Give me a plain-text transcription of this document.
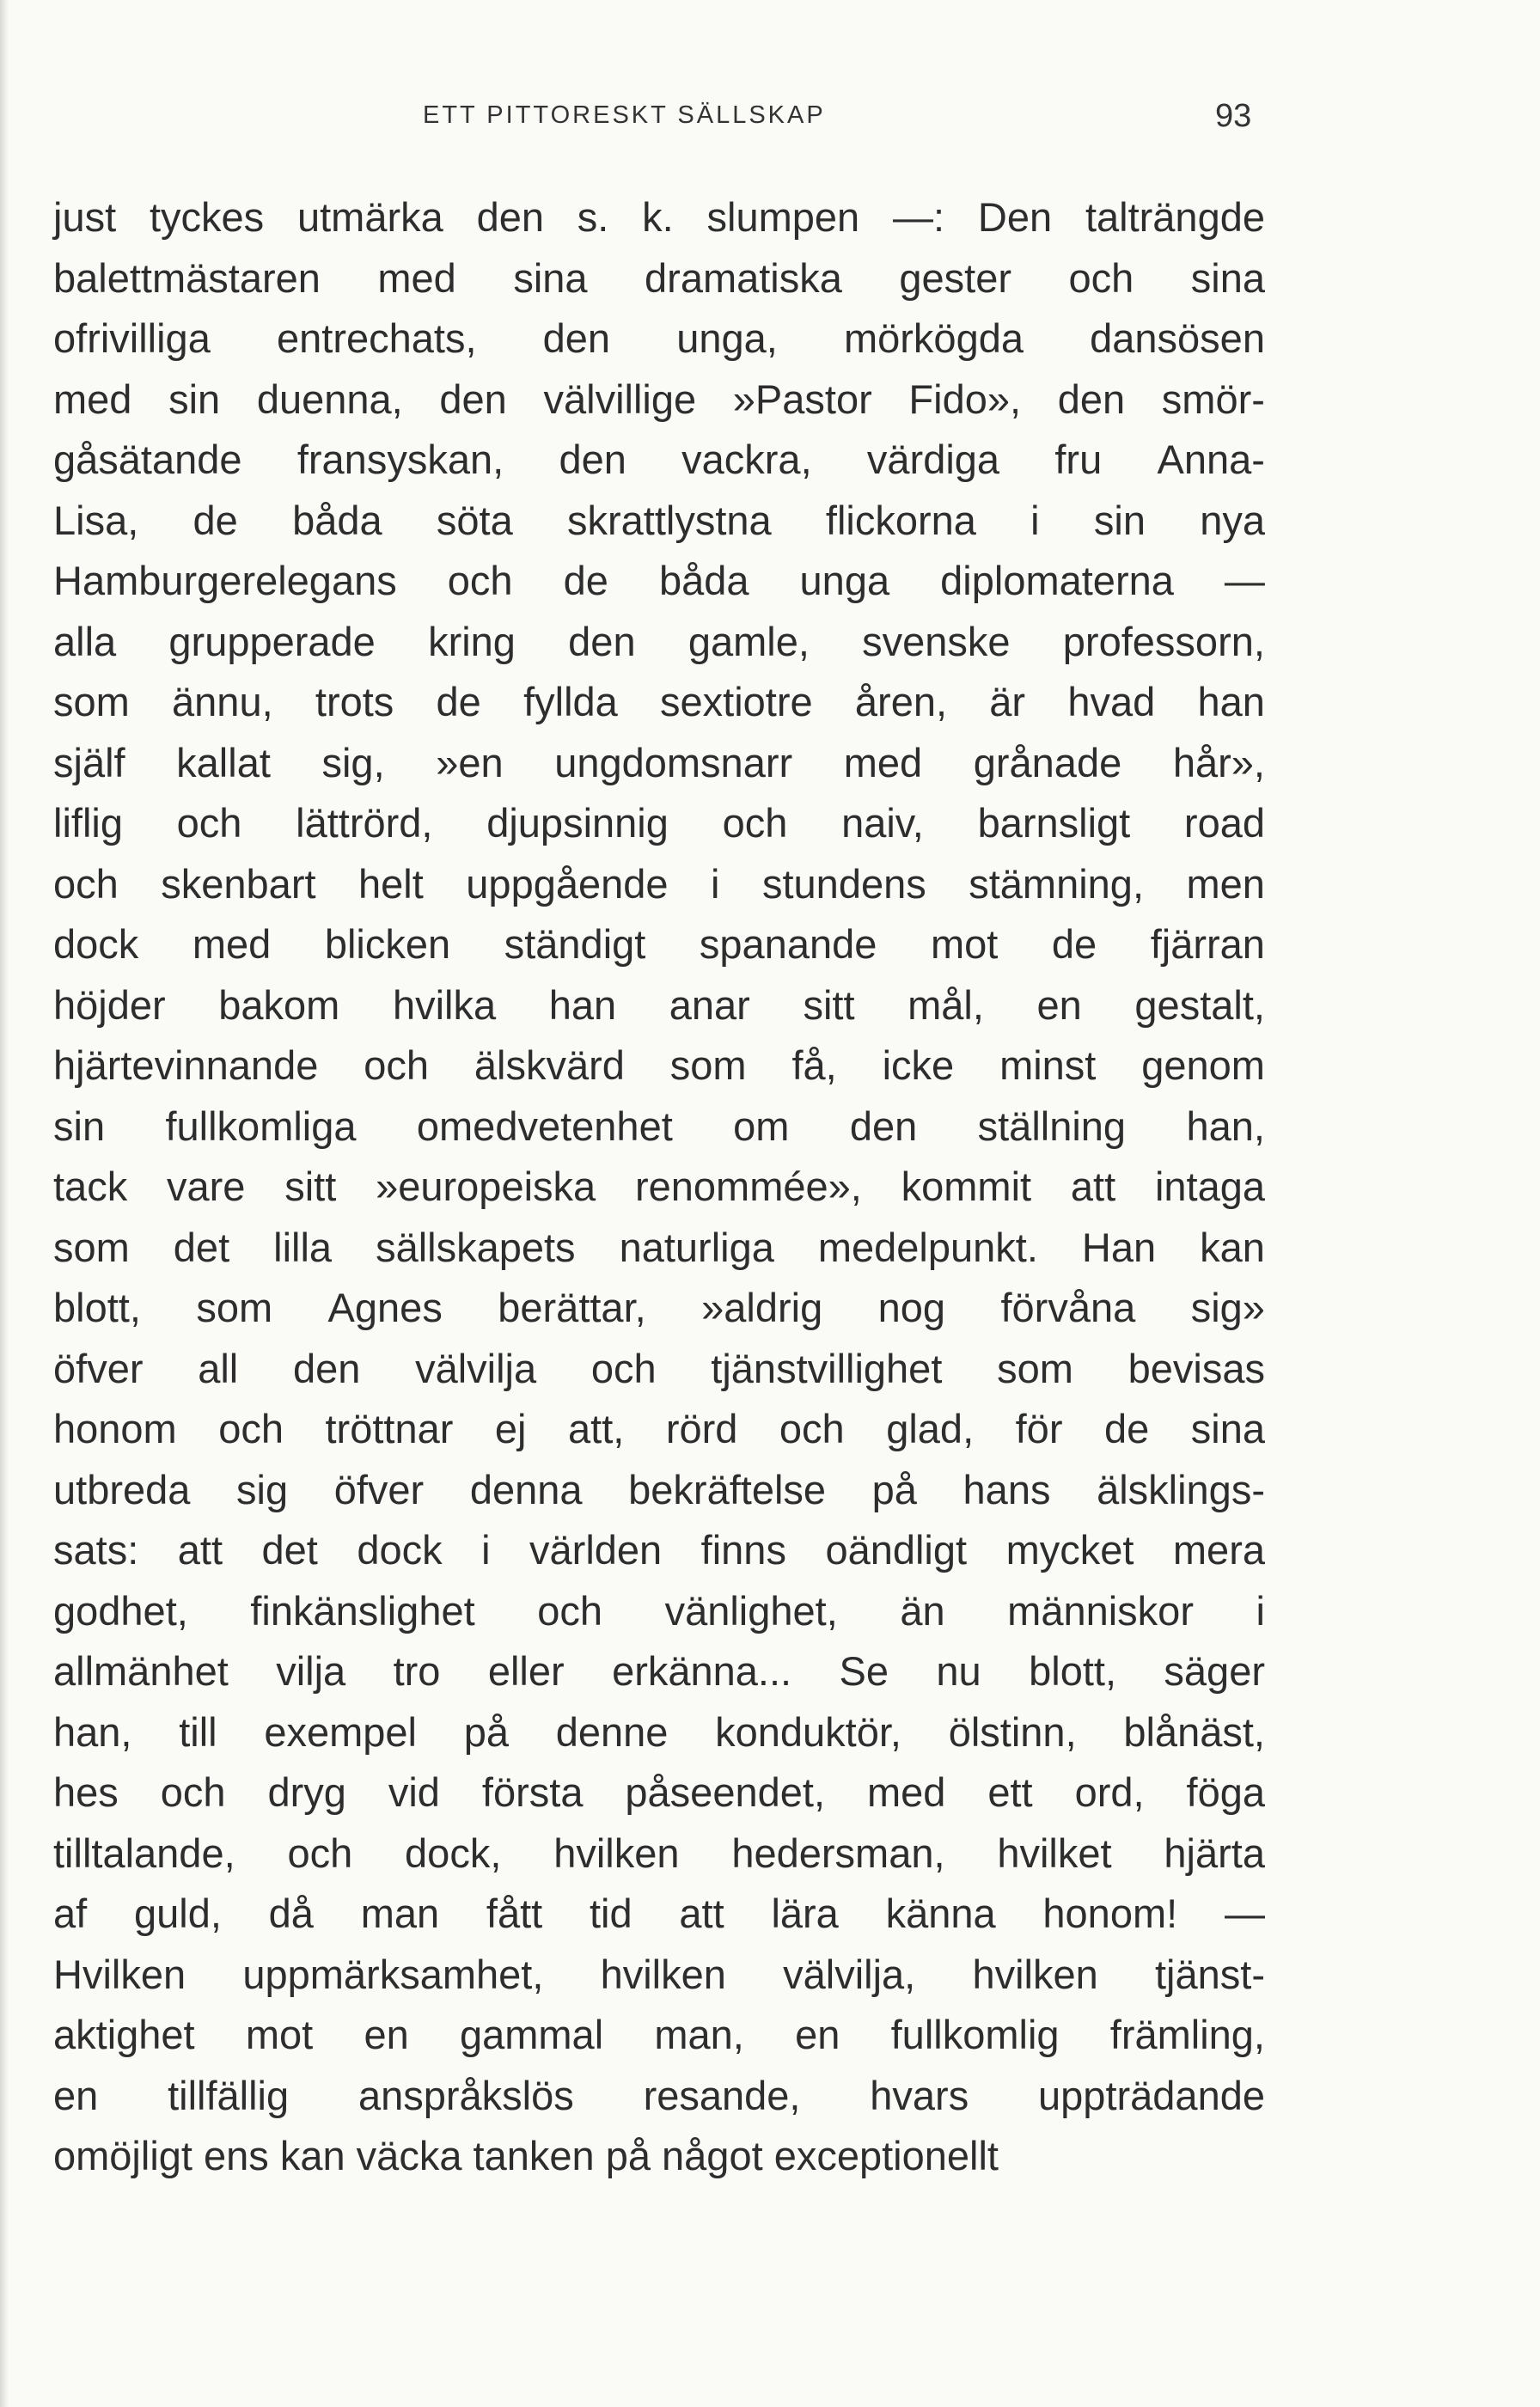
ETT PITTORESKT SÄLLSKAP	93
just tyckes utmärka den s. k. slumpen —: Den talträngde
balettmästaren med sina dramatiska gester och sina
ofrivilliga entrechats, den unga, mörkögda dansösen
med sin duenna, den välvillige »Pastor Fido», den smör-
gåsätande fransyskan, den vackra, värdiga fru Anna-
Lisa, de båda söta skrattlystna flickorna i sin nya
Hamburgerelegans och de båda unga diplomaterna —
alla grupperade kring den gamle, svenske professorn,
som ännu, trots de fyllda sextiotre åren, är hvad han
själf kallat sig, »en ungdomsnarr med grånade hår»,
liflig och lättrörd, djupsinnig och naiv, barnsligt road
och skenbart helt uppgående i stundens stämning, men
dock med blicken ständigt spanande mot de fjärran
höjder bakom hvilka han anar sitt mål, en gestalt,
hjärtevinnande och älskvärd som få, icke minst genom
sin fullkomliga omedvetenhet om den ställning han,
tack vare sitt »europeiska renommée», kommit att intaga
som det lilla sällskapets naturliga medelpunkt. Han kan
blott, som Agnes berättar, »aldrig nog förvåna sig»
öfver all den välvilja och tjänstvillighet som bevisas
honom och tröttnar ej att, rörd och glad, för de sina
utbreda sig öfver denna bekräftelse på hans älsklings-
sats: att det dock i världen finns oändligt mycket mera
godhet, finkänslighet och vänlighet, än människor i
allmänhet vilja tro eller erkänna... Se nu blott, säger
han, till exempel på denne konduktör, ölstinn, blånäst,
hes och dryg vid första påseendet, med ett ord, föga
tilltalande, och dock, hvilken hedersman, hvilket hjärta
af guld, då man fått tid att lära känna honom! —
Hvilken uppmärksamhet, hvilken välvilja, hvilken tjänst-
aktighet mot en gammal man, en fullkomlig främling,
en tillfällig anspråkslös resande, hvars uppträdande
omöjligt ens kan väcka tanken på något exceptionellt
